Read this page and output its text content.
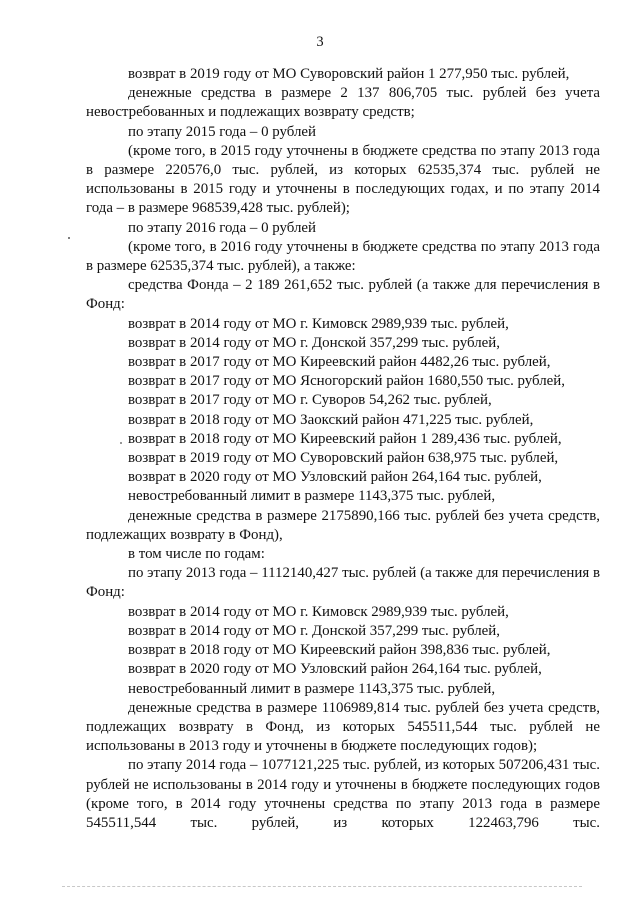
3

возврат в 2019 году от МО Суворовский район 1 277,950 тыс. рублей,

денежные средства в размере 2 137 806,705 тыс. рублей без учета невостребованных и подлежащих возврату средств;

по этапу 2015 года – 0 рублей

(кроме того, в 2015 году уточнены в бюджете средства по этапу 2013 года в размере 220576,0 тыс. рублей, из которых 62535,374 тыс. рублей не использованы в 2015 году и уточнены в последующих годах, и по этапу 2014 года – в размере 968539,428 тыс. рублей);

по этапу 2016 года – 0 рублей

(кроме того, в 2016 году уточнены в бюджете средства по этапу 2013 года в размере 62535,374 тыс. рублей), а также:

средства Фонда – 2 189 261,652 тыс. рублей (а также для перечисления в Фонд:

возврат в 2014 году от МО г. Кимовск 2989,939 тыс. рублей,

возврат в 2014 году от МО г. Донской 357,299 тыс. рублей,

возврат в 2017 году от МО Киреевский район 4482,26 тыс. рублей,

возврат в 2017 году от МО Ясногорский район 1680,550 тыс. рублей,

возврат в 2017 году от МО г. Суворов 54,262 тыс. рублей,

возврат в 2018 году от МО Заокский район 471,225 тыс. рублей,

возврат в 2018 году от МО Киреевский район 1 289,436 тыс. рублей,

возврат в 2019 году от МО Суворовский район 638,975 тыс. рублей,

возврат в 2020 году от МО Узловский район 264,164 тыс. рублей,

невостребованный лимит в размере 1143,375 тыс. рублей,

денежные средства в размере 2175890,166 тыс. рублей без учета средств, подлежащих возврату в Фонд),

в том числе по годам:

по этапу 2013 года – 1112140,427 тыс. рублей (а также для перечисления в Фонд:

возврат в 2014 году от МО г. Кимовск 2989,939 тыс. рублей,

возврат в 2014 году от МО г. Донской 357,299 тыс. рублей,

возврат в 2018 году от МО Киреевский район 398,836 тыс. рублей,

возврат в 2020 году от МО Узловский район 264,164 тыс. рублей,

невостребованный лимит в размере 1143,375 тыс. рублей,

денежные средства в размере 1106989,814 тыс. рублей без учета средств, подлежащих возврату в Фонд, из которых 545511,544 тыс. рублей не использованы в 2013 году и уточнены в бюджете последующих годов);

по этапу 2014 года – 1077121,225 тыс. рублей, из которых 507206,431 тыс. рублей не использованы в 2014 году и уточнены в бюджете последующих годов (кроме того, в 2014 году уточнены средства по этапу 2013 года в размере 545511,544 тыс. рублей, из которых 122463,796 тыс.
